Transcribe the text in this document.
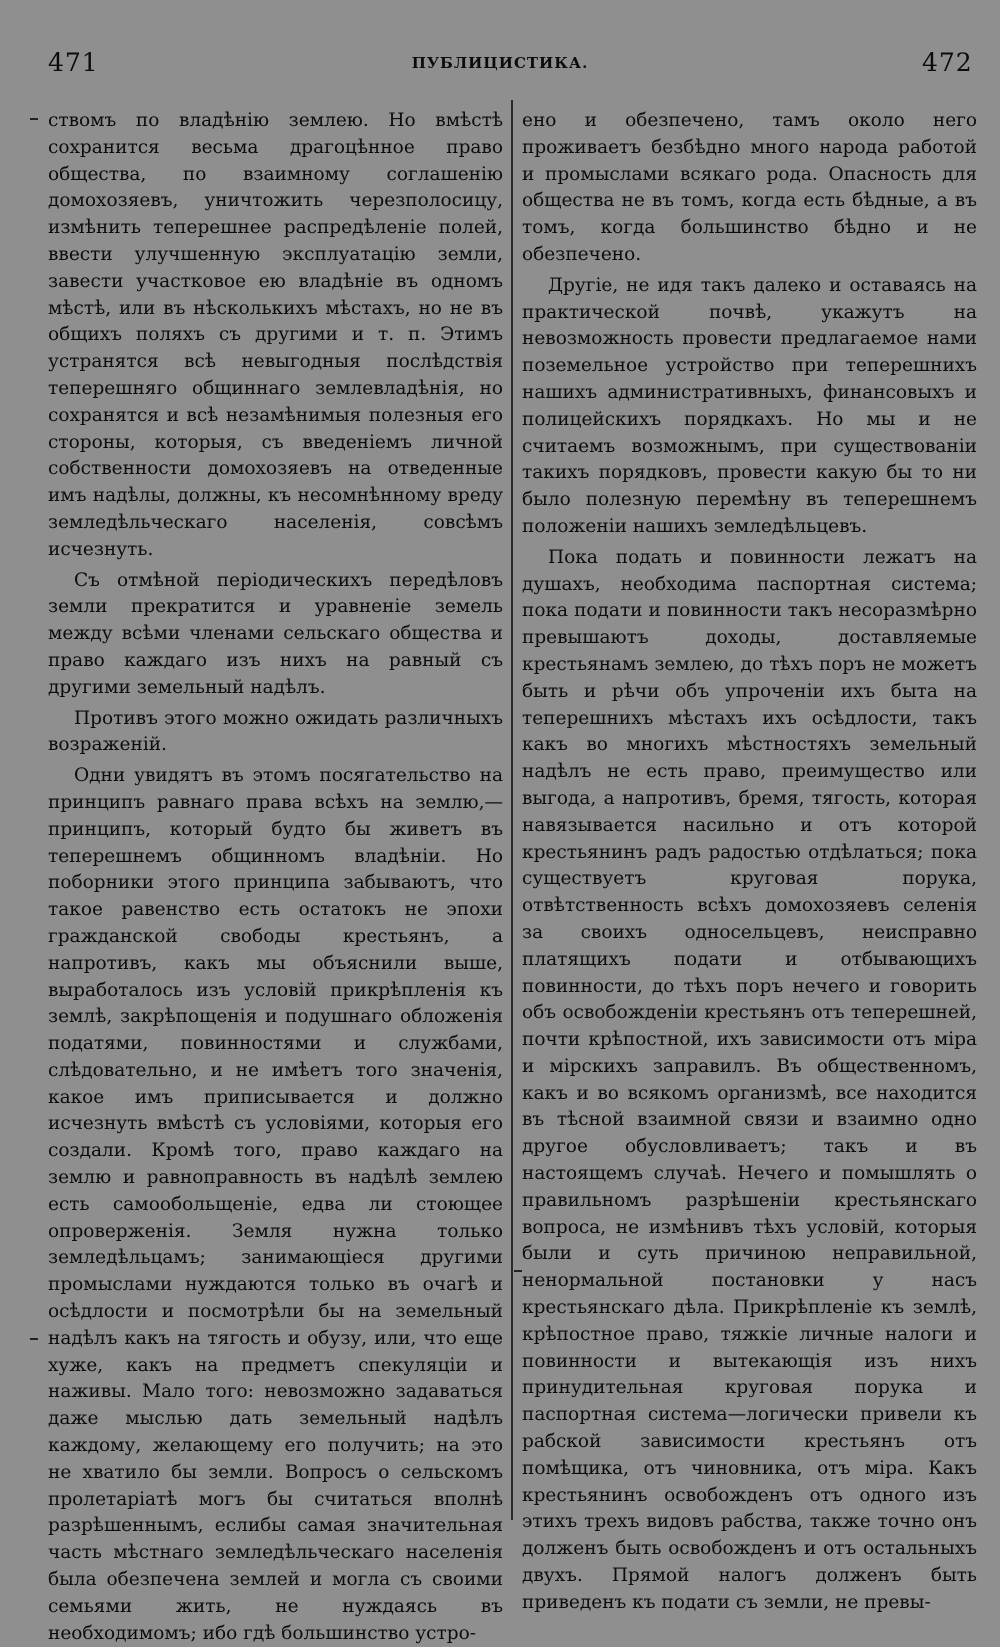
471	ПУБЛИЦИСТИКА.	472

ствомъ по владѣнію землею. Но вмѣстѣ сохранится весьма драгоцѣнное право общества, по взаимному соглашенію домохозяевъ, уничтожить черезполосицу, измѣнить теперешнее распредѣленіе полей, ввести улучшенную эксплуатацію земли, завести участковое ею владѣніе въ одномъ мѣстѣ, или въ нѣсколькихъ мѣстахъ, но не въ общихъ поляхъ съ другими и т. п. Этимъ устранятся всѣ невыгодныя послѣдствія теперешняго общиннаго землевладѣнія, но сохранятся и всѣ незамѣнимыя полезныя его стороны, которыя, съ введеніемъ личной собственности домохозяевъ на отведенные имъ надѣлы, должны, къ несомнѣнному вреду земледѣльческаго населенія, совсѣмъ исчезнуть.

Съ отмѣной періодическихъ передѣловъ земли прекратится и уравненіе земель между всѣми членами сельскаго общества и право каждаго изъ нихъ на равный съ другими земельный надѣлъ.

Противъ этого можно ожидать различныхъ возраженій.

Одни увидятъ въ этомъ посягательство на принципъ равнаго права всѣхъ на землю,— принципъ, который будто бы живетъ въ теперешнемъ общинномъ владѣніи. Но поборники этого принципа забываютъ, что такое равенство есть остатокъ не эпохи гражданской свободы крестьянъ, а напротивъ, какъ мы объяснили выше, выработалось изъ условій прикрѣпленія къ землѣ, закрѣпощенія и подушнаго обложенія податями, повинностями и службами, слѣдовательно, и не имѣетъ того значенія, какое имъ приписывается и должно исчезнуть вмѣстѣ съ условіями, которыя его создали. Кромѣ того, право каждаго на землю и равноправность въ надѣлѣ землею есть самообольщеніе, едва ли стоющее опроверженія. Земля нужна только земледѣльцамъ; занимающіеся другими промыслами нуждаются только въ очагѣ и осѣдлости и посмотрѣли бы на земельный надѣлъ какъ на тягость и обузу, или, что еще хуже, какъ на предметъ спекуляціи и наживы. Мало того: невозможно задаваться даже мыслью дать земельный надѣлъ каждому, желающему его получить; на это не хватило бы земли. Вопросъ о сельскомъ пролетаріатѣ могъ бы считаться вполнѣ разрѣшеннымъ, еслибы самая значительная часть мѣстнаго земледѣльческаго населенія была обезпечена землей и могла съ своими семьями жить, не нуждаясь въ необходимомъ; ибо гдѣ большинство устро-

ено и обезпечено, тамъ около него проживаетъ безбѣдно много народа работой и промыслами всякаго рода. Опасность для общества не въ томъ, когда есть бѣдные, а въ томъ, когда большинство бѣдно и не обезпечено.

Другіе, не идя такъ далеко и оставаясь на практической почвѣ, укажутъ на невозможность провести предлагаемое нами поземельное устройство при теперешнихъ нашихъ административныхъ, финансовыхъ и полицейскихъ порядкахъ. Но мы и не считаемъ возможнымъ, при существованіи такихъ порядковъ, провести какую бы то ни было полезную перемѣну въ теперешнемъ положеніи нашихъ земледѣльцевъ.

Пока подать и повинности лежатъ на душахъ, необходима паспортная система; пока подати и повинности такъ несоразмѣрно превышаютъ доходы, доставляемые крестьянамъ землею, до тѣхъ поръ не можетъ быть и рѣчи объ упроченіи ихъ быта на теперешнихъ мѣстахъ ихъ осѣдлости, такъ какъ во многихъ мѣстностяхъ земельный надѣлъ не есть право, преимущество или выгода, а напротивъ, бремя, тягость, которая навязывается насильно и отъ которой крестьянинъ радъ радостью отдѣлаться; пока существуетъ круговая порука, отвѣтственность всѣхъ домохозяевъ селенія за своихъ односельцевъ, неисправно платящихъ подати и отбывающихъ повинности, до тѣхъ поръ нечего и говорить объ освобожденіи крестьянъ отъ теперешней, почти крѣпостной, ихъ зависимости отъ міра и мірскихъ заправилъ. Въ общественномъ, какъ и во всякомъ организмѣ, все находится въ тѣсной взаимной связи и взаимно одно другое обусловливаетъ; такъ и въ настоящемъ случаѣ. Нечего и помышлять о правильномъ разрѣшеніи крестьянскаго вопроса, не измѣнивъ тѣхъ условій, которыя были и суть причиною неправильной, ненормальной постановки у насъ крестьянскаго дѣла. Прикрѣпленіе къ землѣ, крѣпостное право, тяжкіе личные налоги и повинности и вытекающія изъ нихъ принудительная круговая порука и паспортная система—логически привели къ рабской зависимости крестьянъ отъ помѣщика, отъ чиновника, отъ міра. Какъ крестьянинъ освобожденъ отъ одного изъ этихъ трехъ видовъ рабства, также точно онъ долженъ быть освобожденъ и отъ остальныхъ двухъ. Прямой налогъ долженъ быть приведенъ къ подати съ земли, не превы-
